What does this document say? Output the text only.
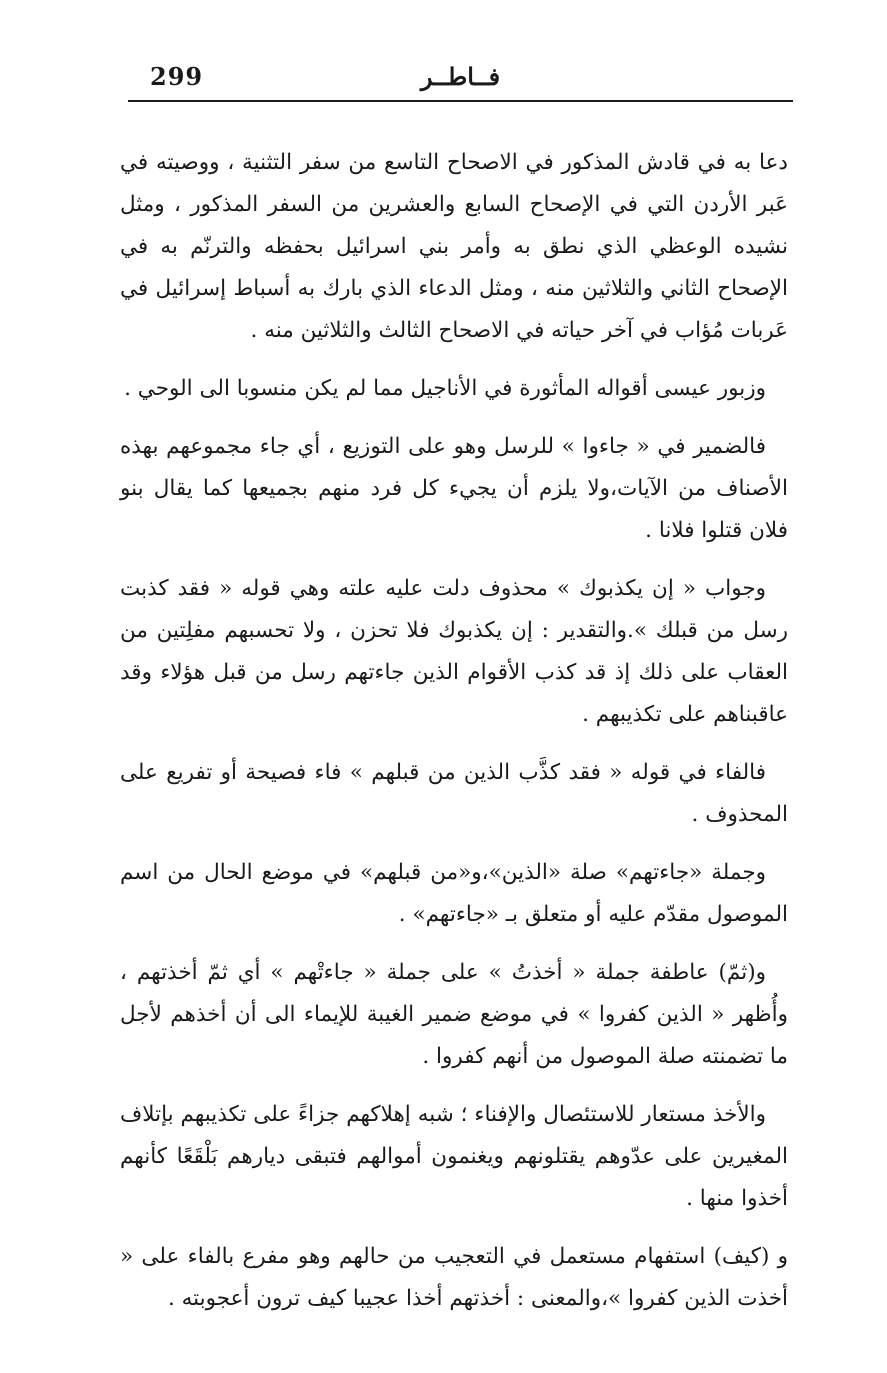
299	فــاطــر

دعا به في قادش المذكور في الاصحاح التاسع من سفر التثنية ، ووصيته في عَبر الأردن التي في الإصحاح السابع والعشرين من السفر المذكور ، ومثل نشيده الوعظي الذي نطق به وأمر بني اسرائيل بحفظه والترنّم به في الإصحاح الثاني والثلاثين منه ، ومثل الدعاء الذي بارك به أسباط إسرائيل في عَربات مُؤاب في آخر حياته في الاصحاح الثالث والثلاثين منه .

وزبور عيسى أقواله المأثورة في الأناجيل مما لم يكن منسوبا الى الوحي .

فالضمير في « جاءوا » للرسل وهو على التوزيع ، أي جاء مجموعهم بهذه الأصناف من الآيات،ولا يلزم أن يجيء كل فرد منهم بجميعها كما يقال بنو فلان قتلوا فلانا .

وجواب « إن يكذبوك » محذوف دلت عليه علته وهي قوله « فقد كذبت رسل من قبلك ».والتقدير : إن يكذبوك فلا تحزن ، ولا تحسبهم مفلِتين من العقاب على ذلك إذ قد كذب الأقوام الذين جاءتهم رسل من قبل هؤلاء وقد عاقبناهم على تكذيبهم .

فالفاء في قوله « فقد كذَّب الذين من قبلهم » فاء فصيحة أو تفريع على المحذوف .

وجملة «جاءتهم» صلة «الذين»،و«من قبلهم» في موضع الحال من اسم الموصول مقدّم عليه أو متعلق بـ «جاءتهم» .

و(ثمّ) عاطفة جملة « أخذتُ » على جملة « جاءتْهم » أي ثمّ أخذتهم ، وأُظهر « الذين كفروا » في موضع ضمير الغيبة للإيماء الى أن أخذهم لأجل ما تضمنته صلة الموصول من أنهم كفروا .

والأخذ مستعار للاستئصال والإفناء ؛ شبه إهلاكهم جزاءً على تكذيبهم بإتلاف المغيرين على عدّوهم يقتلونهم ويغنمون أموالهم فتبقى ديارهم بَلْقَعًا كأنهم أخذوا منها .

و (كيف) استفهام مستعمل في التعجيب من حالهم وهو مفرع بالفاء على « أخذت الذين كفروا »،والمعنى : أخذتهم أخذا عجيبا كيف ترون أعجوبته .
